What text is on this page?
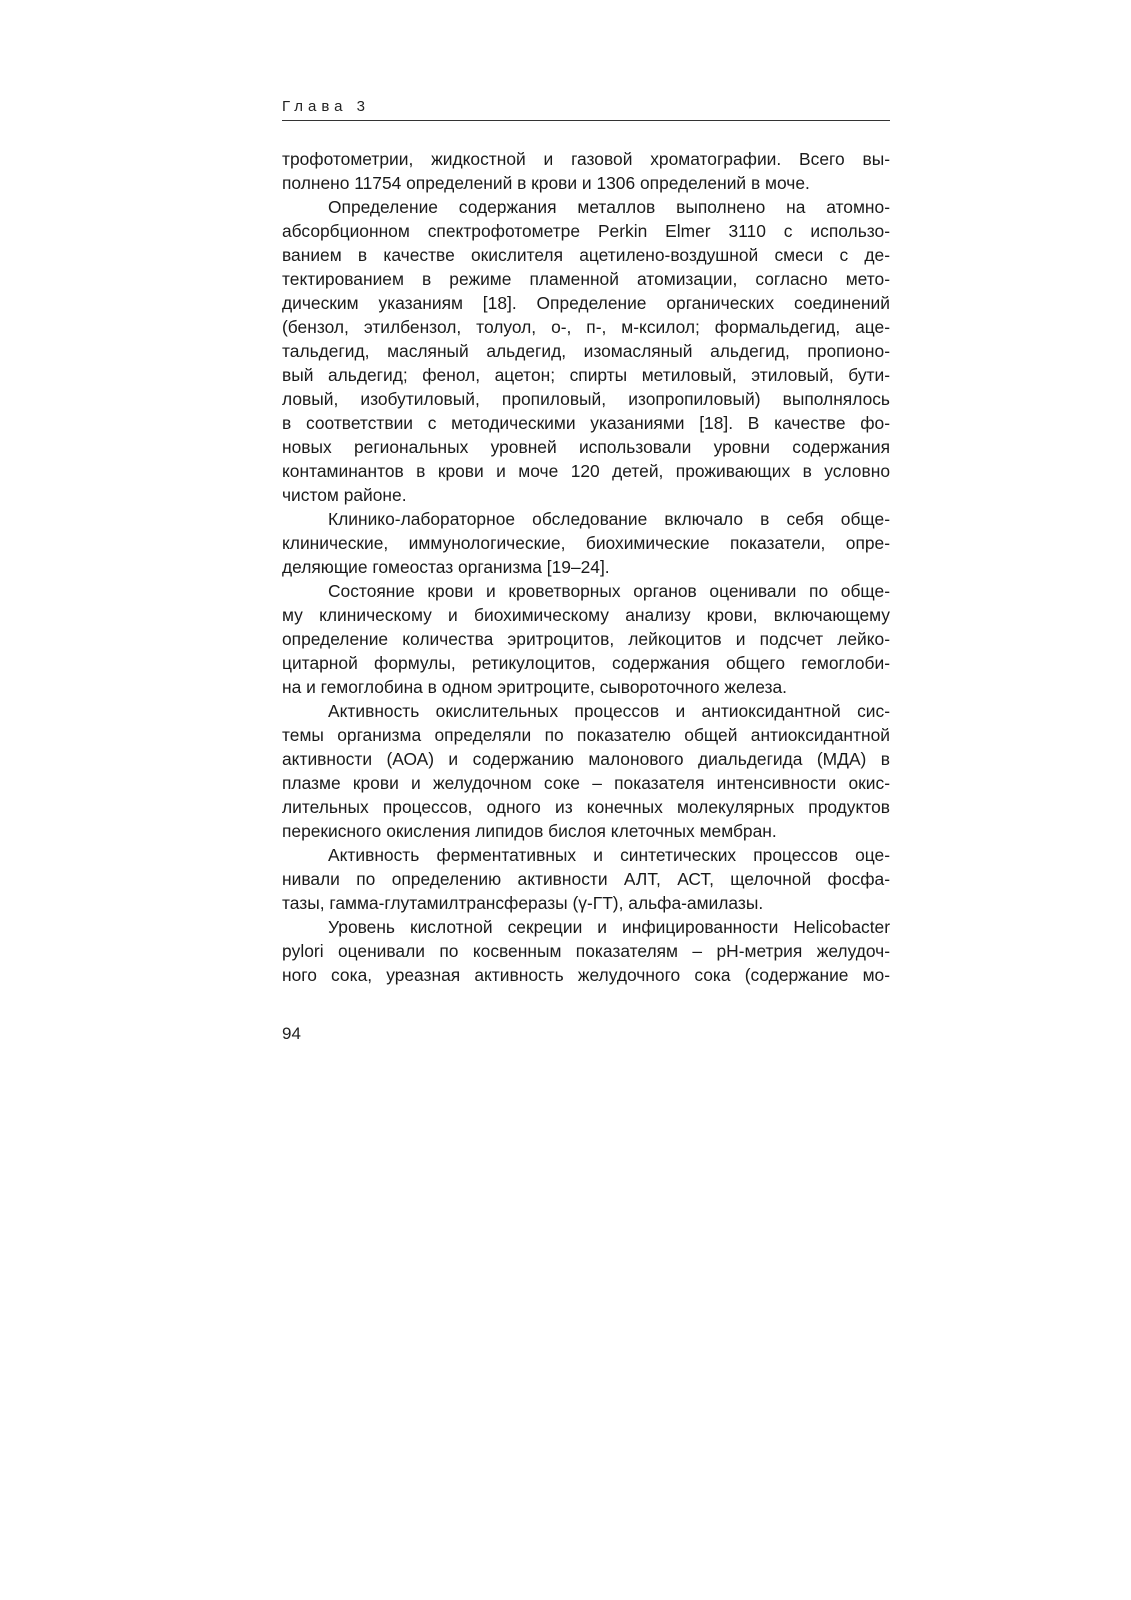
Глава 3
трофотометрии, жидкостной и газовой хроматографии. Всего вы-
полнено 11754 определений в крови и 1306 определений в моче.
Определение содержания металлов выполнено на атомно-
абсорбционном спектрофотометре Perkin Elmer 3110 с использо-
ванием в качестве окислителя ацетилено-воздушной смеси с де-
тектированием в режиме пламенной атомизации, согласно мето-
дическим указаниям [18]. Определение органических соединений
(бензол, этилбензол, толуол, о-, п-, м-ксилол; формальдегид, аце-
тальдегид, масляный альдегид, изомасляный альдегид, пропионо-
вый альдегид; фенол, ацетон; спирты метиловый, этиловый, бути-
ловый, изобутиловый, пропиловый, изопропиловый) выполнялось
в соответствии с методическими указаниями [18]. В качестве фо-
новых региональных уровней использовали уровни содержания
контаминантов в крови и моче 120 детей, проживающих в условно
чистом районе.
Клинико-лабораторное обследование включало в себя обще-
клинические, иммунологические, биохимические показатели, опре-
деляющие гомеостаз организма [19–24].
Состояние крови и кроветворных органов оценивали по обще-
му клиническому и биохимическому анализу крови, включающему
определение количества эритроцитов, лейкоцитов и подсчет лейко-
цитарной формулы, ретикулоцитов, содержания общего гемоглоби-
на и гемоглобина в одном эритроците, сывороточного железа.
Активность окислительных процессов и антиоксидантной сис-
темы организма определяли по показателю общей антиоксидантной
активности (АОА) и содержанию малонового диальдегида (МДА) в
плазме крови и желудочном соке – показателя интенсивности окис-
лительных процессов, одного из конечных молекулярных продуктов
перекисного окисления липидов бислоя клеточных мембран.
Активность ферментативных и синтетических процессов оце-
нивали по определению активности АЛТ, АСТ, щелочной фосфа-
тазы, гамма-глутамилтрансферазы (γ-ГТ), альфа-амилазы.
Уровень кислотной секреции и инфицированности Helicobacter
pylori оценивали по косвенным показателям – рН-метрия желудоч-
ного сока, уреазная активность желудочного сока (содержание мо-
94
